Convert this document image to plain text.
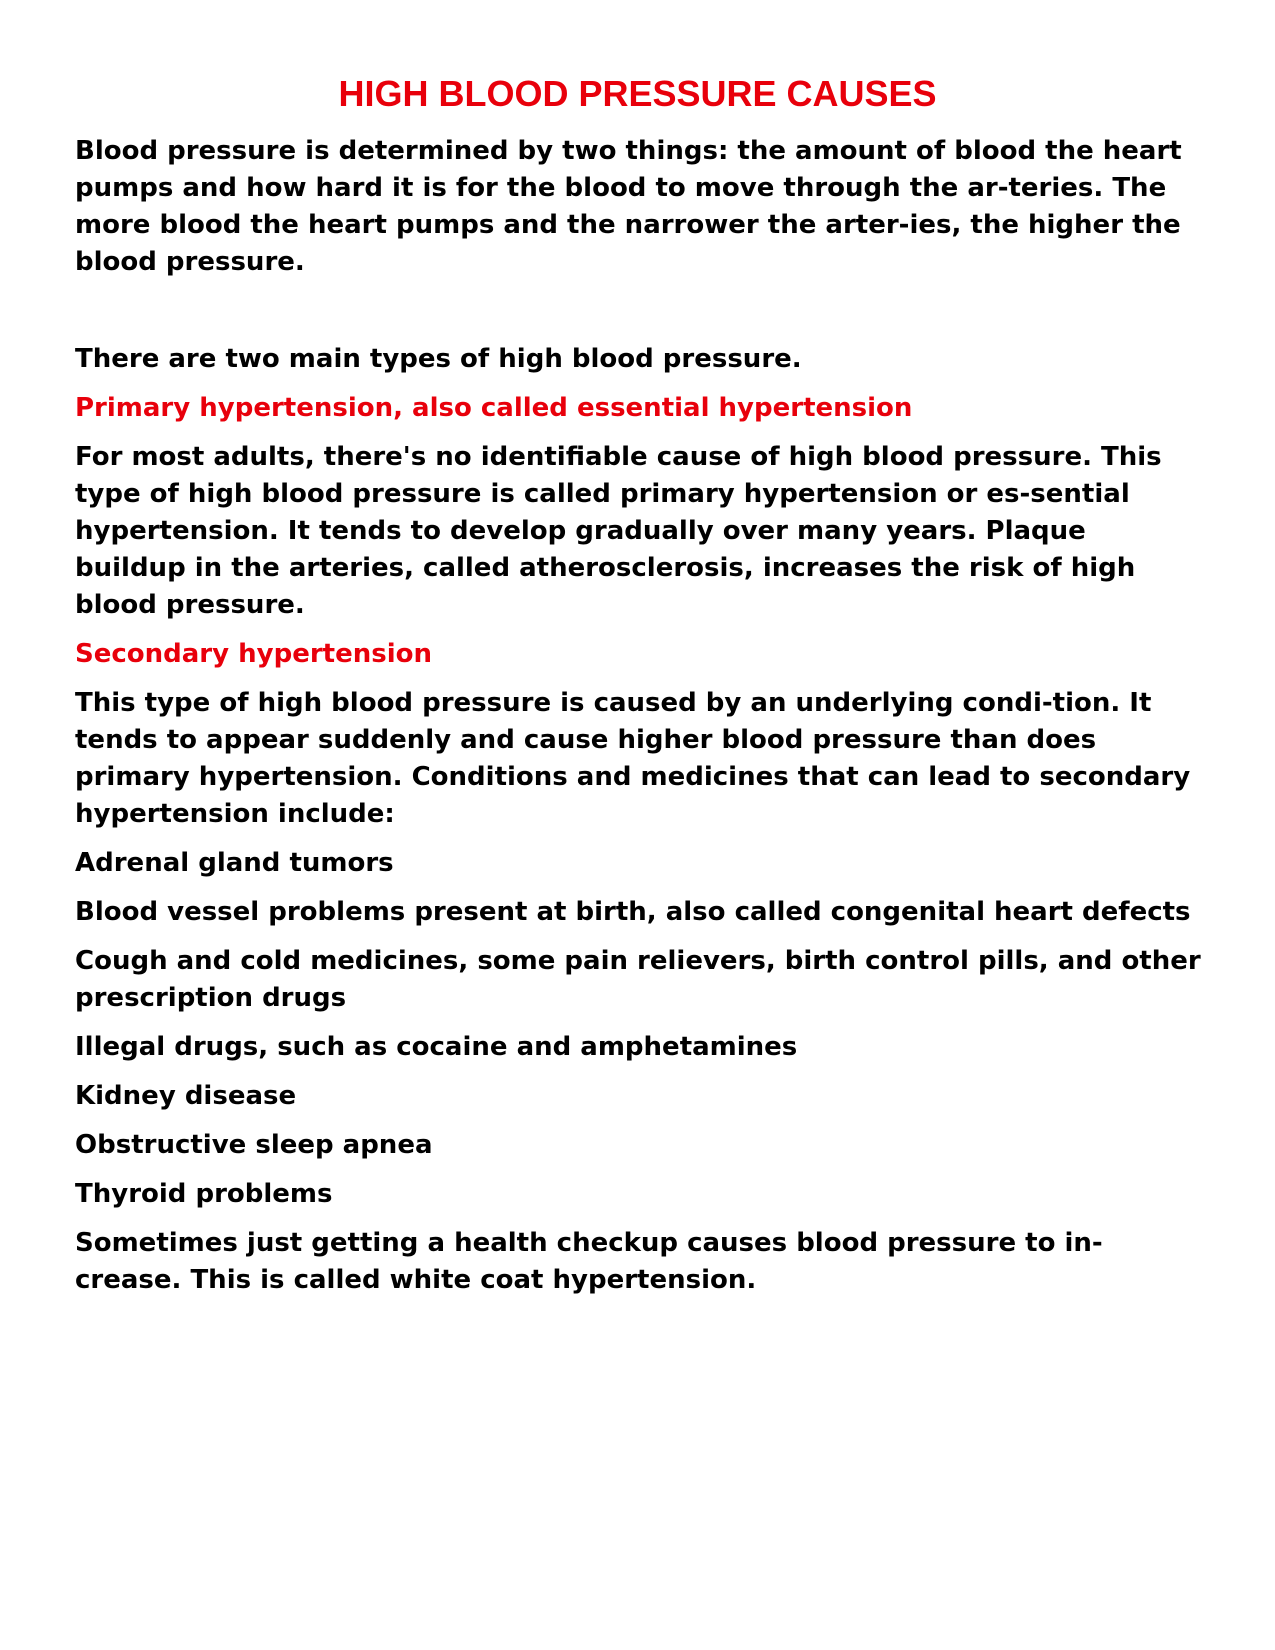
HIGH BLOOD PRESSURE CAUSES

Blood pressure is determined by two things: the amount of blood the heart pumps and how hard it is for the blood to move through the ar-teries. The more blood the heart pumps and the narrower the arter-ies, the higher the blood pressure.

There are two main types of high blood pressure.

Primary hypertension, also called essential hypertension

For most adults, there's no identifiable cause of high blood pressure. This type of high blood pressure is called primary hypertension or es-sential hypertension. It tends to develop gradually over many years. Plaque buildup in the arteries, called atherosclerosis, increases the risk of high blood pressure.

Secondary hypertension

This type of high blood pressure is caused by an underlying condi-tion. It tends to appear suddenly and cause higher blood pressure than does primary hypertension. Conditions and medicines that can lead to secondary hypertension include:

Adrenal gland tumors

Blood vessel problems present at birth, also called congenital heart defects

Cough and cold medicines, some pain relievers, birth control pills, and other prescription drugs

Illegal drugs, such as cocaine and amphetamines

Kidney disease

Obstructive sleep apnea

Thyroid problems

Sometimes just getting a health checkup causes blood pressure to in-crease. This is called white coat hypertension.
